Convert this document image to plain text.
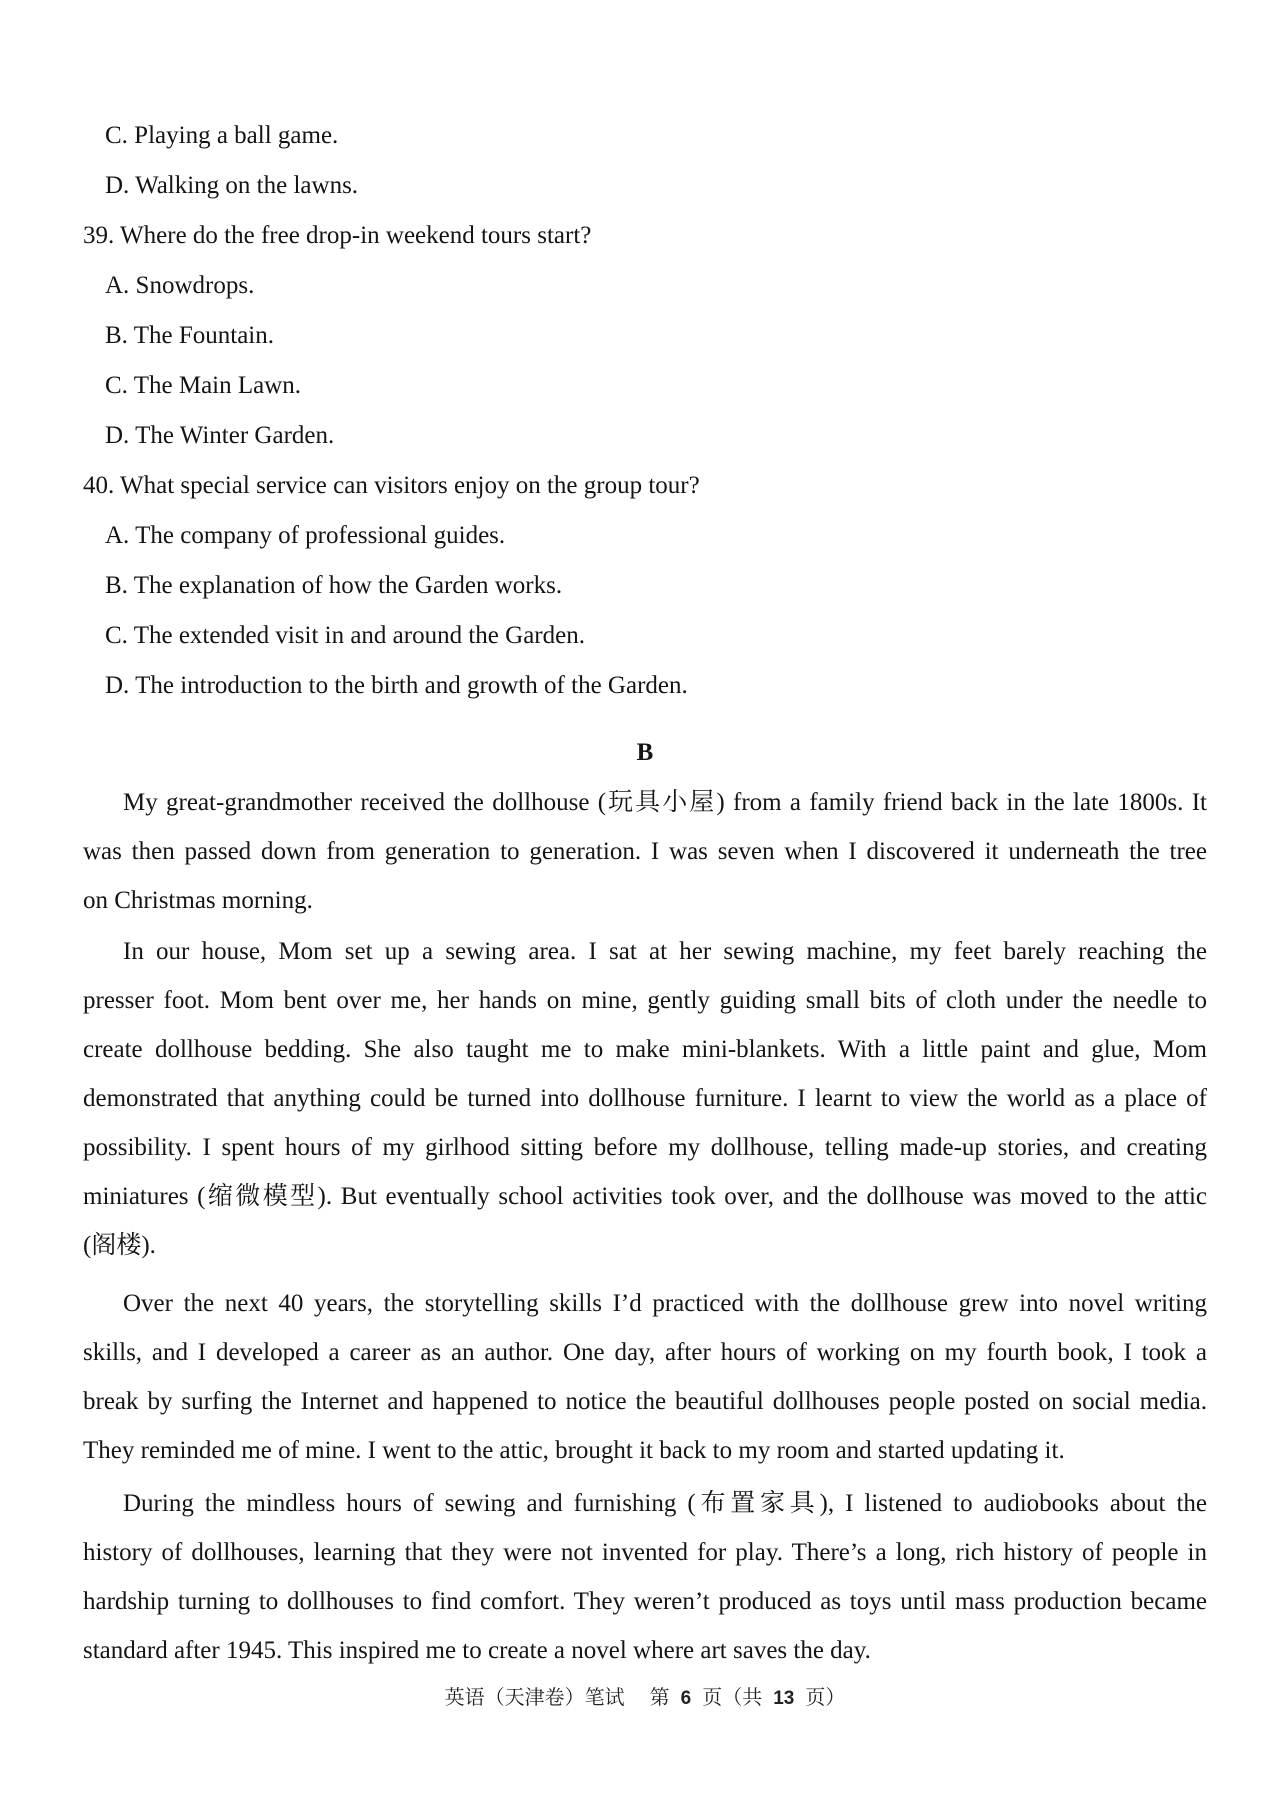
C. Playing a ball game.
D. Walking on the lawns.
39. Where do the free drop-in weekend tours start?
A. Snowdrops.
B. The Fountain.
C. The Main Lawn.
D. The Winter Garden.
40. What special service can visitors enjoy on the group tour?
A. The company of professional guides.
B. The explanation of how the Garden works.
C. The extended visit in and around the Garden.
D. The introduction to the birth and growth of the Garden.
B
My great-grandmother received the dollhouse (玩具小屋) from a family friend back in the late 1800s. It
was then passed down from generation to generation. I was seven when I discovered it underneath the tree
on Christmas morning.
In our house, Mom set up a sewing area. I sat at her sewing machine, my feet barely reaching the
presser foot. Mom bent over me, her hands on mine, gently guiding small bits of cloth under the needle to
create dollhouse bedding. She also taught me to make mini-blankets. With a little paint and glue, Mom
demonstrated that anything could be turned into dollhouse furniture. I learnt to view the world as a place of
possibility. I spent hours of my girlhood sitting before my dollhouse, telling made-up stories, and creating
miniatures (缩微模型). But eventually school activities took over, and the dollhouse was moved to the attic
(阁楼).
Over the next 40 years, the storytelling skills I’d practiced with the dollhouse grew into novel writing
skills, and I developed a career as an author. One day, after hours of working on my fourth book, I took a
break by surfing the Internet and happened to notice the beautiful dollhouses people posted on social media.
They reminded me of mine. I went to the attic, brought it back to my room and started updating it.
During the mindless hours of sewing and furnishing (布置家具), I listened to audiobooks about the
history of dollhouses, learning that they were not invented for play. There’s a long, rich history of people in
hardship turning to dollhouses to find comfort. They weren’t produced as toys until mass production became
standard after 1945. This inspired me to create a novel where art saves the day.
英语（天津卷）笔试 第 6 页（共 13 页）
